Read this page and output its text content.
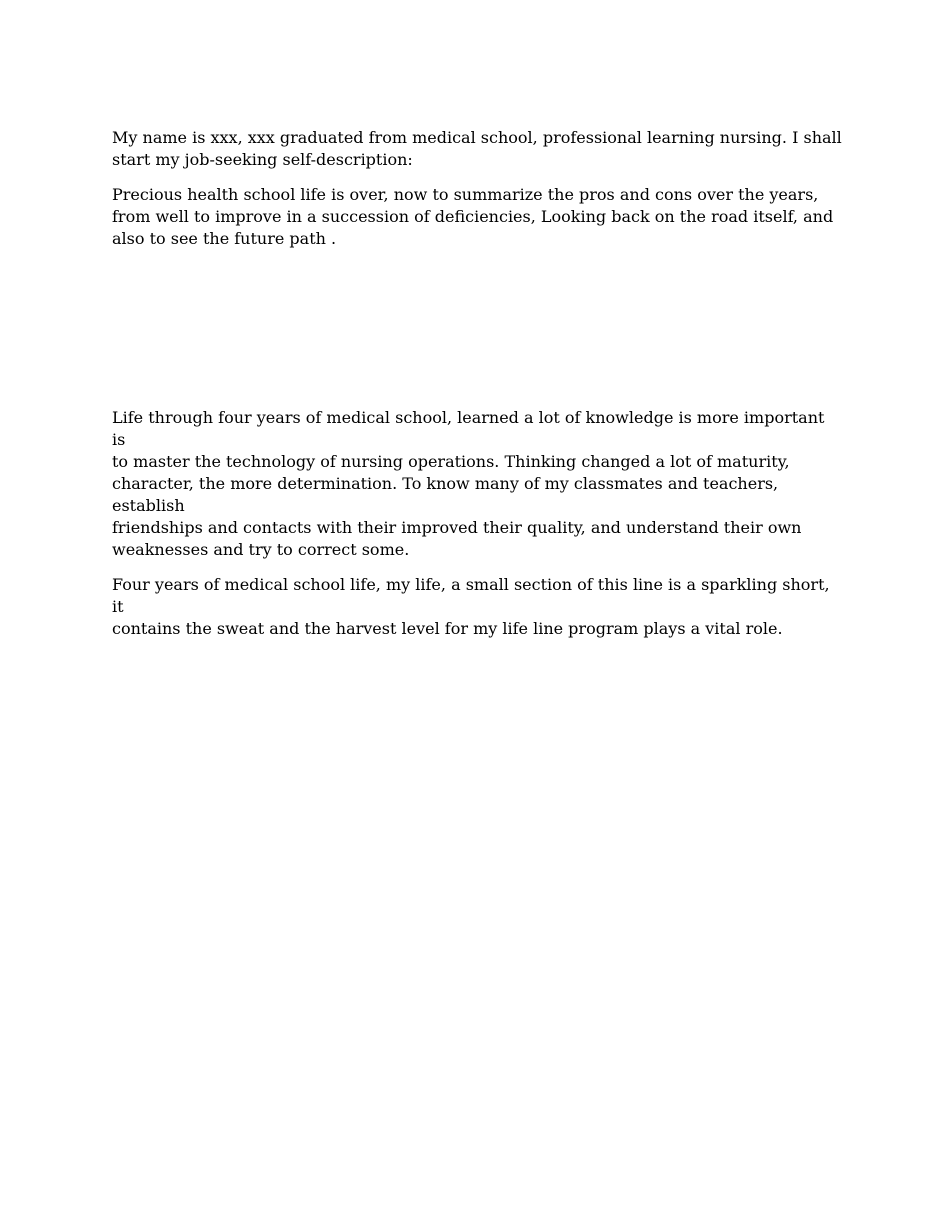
My name is xxx, xxx graduated from medical school, professional learning nursing. I shall
start my job-seeking self-description:

Precious health school life is over, now to summarize the pros and cons over the years,
from well to improve in a succession of deficiencies, Looking back on the road itself, and
also to see the future path .

Life through four years of medical school, learned a lot of knowledge is more important is
to master the technology of nursing operations. Thinking changed a lot of maturity,
character, the more determination. To know many of my classmates and teachers, establish
friendships and contacts with their improved their quality, and understand their own
weaknesses and try to correct some.

Four years of medical school life, my life, a small section of this line is a sparkling short, it
contains the sweat and the harvest level for my life line program plays a vital role.
